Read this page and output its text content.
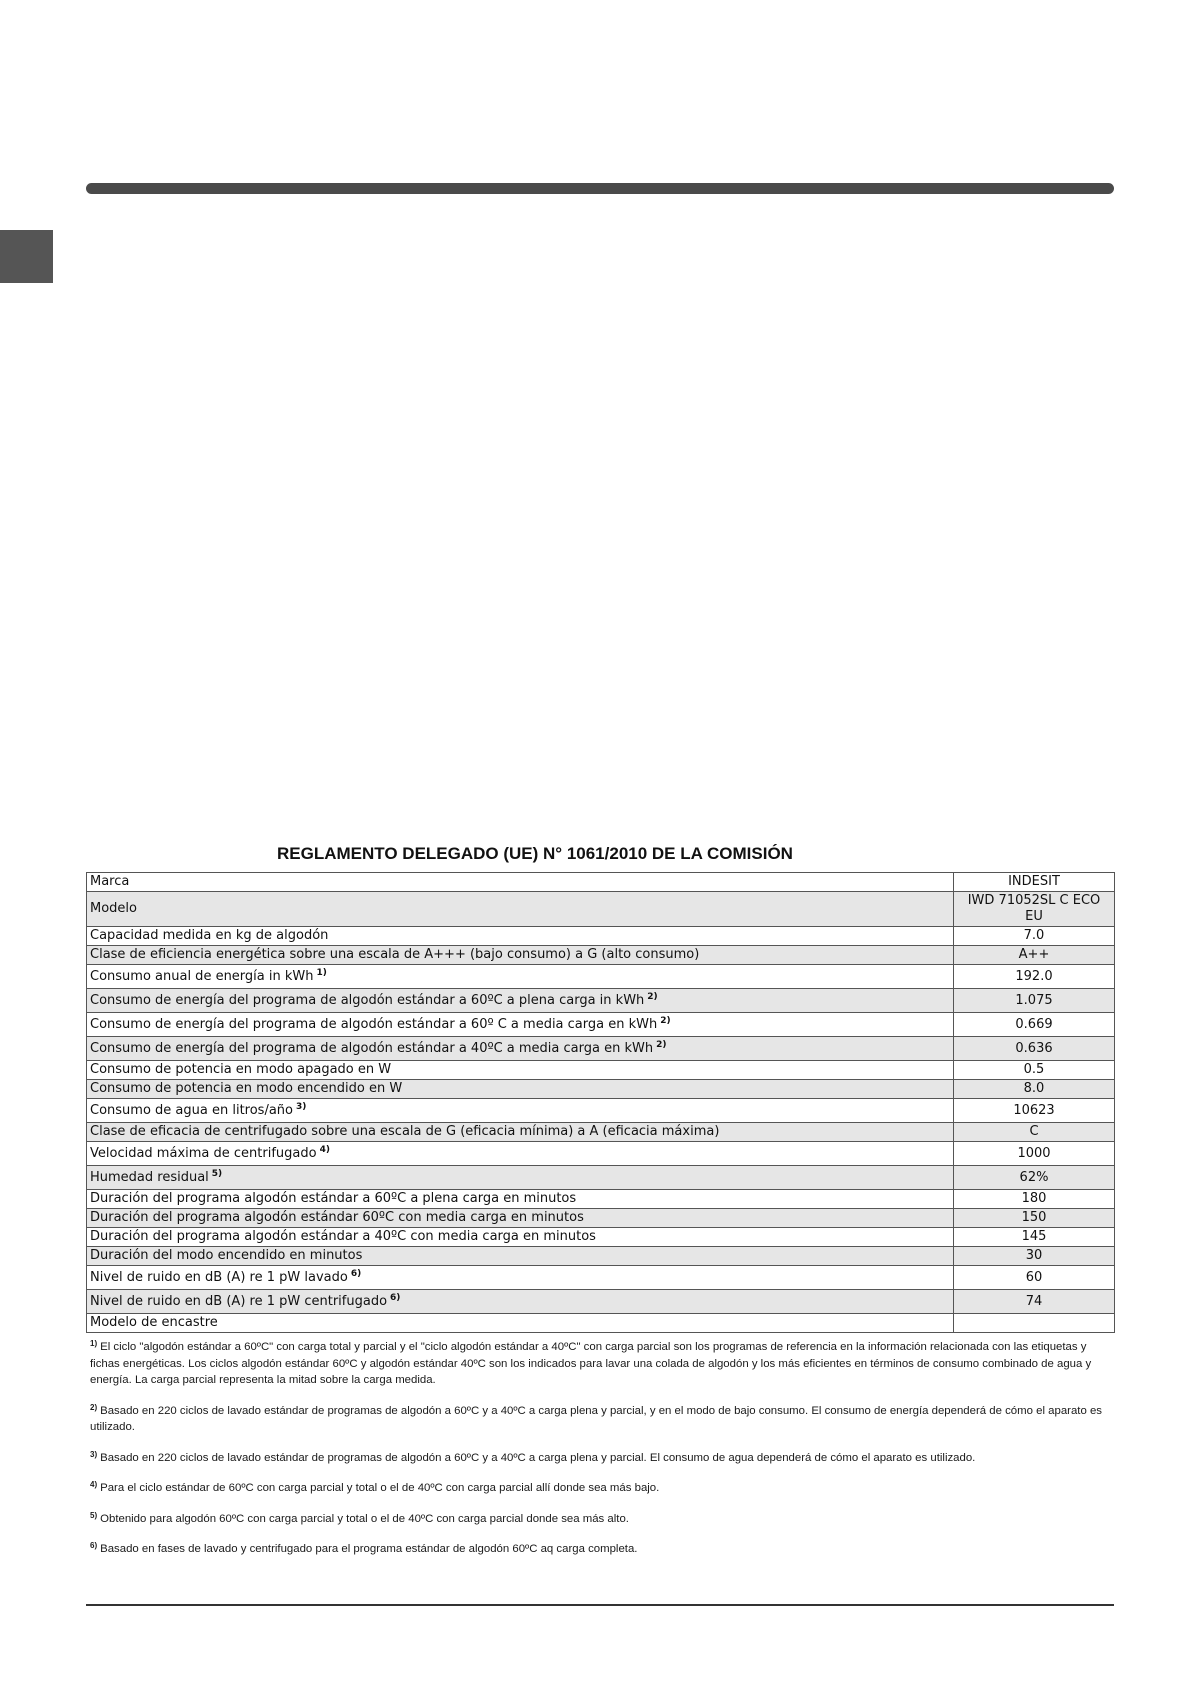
REGLAMENTO DELEGADO (UE) N° 1061/2010 DE LA COMISIÓN
Marca	INDESIT
Modelo	IWD 71052SL C ECO EU
Capacidad medida en kg de algodón	7.0
Clase de eficiencia energética sobre una escala de A+++ (bajo consumo) a G (alto consumo)	A++
Consumo anual de energía in kWh $^{1)}$	192.0
Consumo de energía del programa de algodón estándar a 60ºC a plena carga in kWh $^{2)}$	1.075
Consumo de energía del programa de algodón estándar a 60º C a media carga en kWh $^{2)}$	0.669
Consumo de energía del programa de algodón estándar a 40ºC a media carga en kWh $^{2)}$	0.636
Consumo de potencia en modo apagado en W	0.5
Consumo de potencia en modo encendido en W	8.0
Consumo de agua en litros/año $^{3)}$	10623
Clase de eficacia de centrifugado sobre una escala de G (eficacia mínima) a A (eficacia máxima)	C
Velocidad máxima de centrifugado $^{4)}$	1000
Humedad residual $^{5)}$	62%
Duración del programa algodón estándar a 60ºC a plena carga en minutos	180
Duración del programa algodón estándar 60ºC con media carga en minutos	150
Duración del programa algodón estándar a 40ºC con media carga en minutos	145
Duración del modo encendido en minutos	30
Nivel de ruido en dB (A) re 1 pW lavado $^{6)}$	60
Nivel de ruido en dB (A) re 1 pW centrifugado $^{6)}$	74
Modelo de encastre	
$^{1)}$ El ciclo "algodón estándar a 60ºC" con carga total y parcial y el "ciclo algodón estándar a 40ºC" con carga parcial son los programas de referencia en la información relacionada con las etiquetas y fichas energéticas. Los ciclos algodón estándar 60ºC y algodón estándar 40ºC son los indicados para lavar una colada de algodón y los más eficientes en términos de consumo combinado de agua y energía. La carga parcial representa la mitad sobre la carga medida.
$^{2)}$ Basado en 220 ciclos de lavado estándar de programas de algodón a 60ºC y a 40ºC a carga plena y parcial, y en el modo de bajo consumo. El consumo de energía dependerá de cómo el aparato es utilizado.
$^{3)}$ Basado en 220 ciclos de lavado estándar de programas de algodón a 60ºC y a 40ºC a carga plena y parcial. El consumo de agua dependerá de cómo el aparato es utilizado.
$^{4)}$ Para el ciclo estándar de 60ºC con carga parcial y total o el de 40ºC con carga parcial allí donde sea más bajo.
$^{5)}$ Obtenido para algodón 60ºC con carga parcial y total o el de 40ºC con carga parcial donde sea más alto.
$^{6)}$ Basado en fases de lavado y centrifugado para el programa estándar de algodón 60ºC aq carga completa.
